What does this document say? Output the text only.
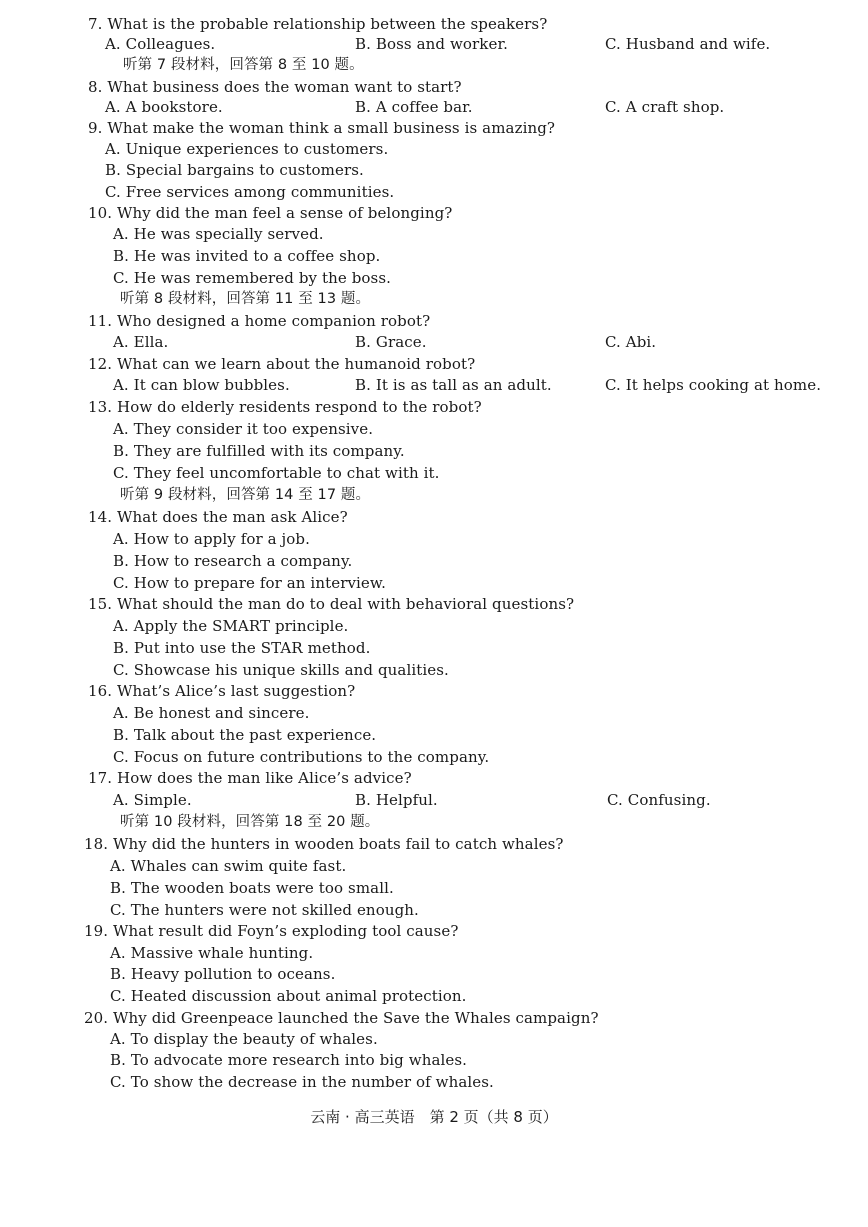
7. What is the probable relationship between the speakers?
A. Colleagues.	B. Boss and worker.	C. Husband and wife.
听第 7 段材料，回答第 8 至 10 题。
8. What business does the woman want to start?
A. A bookstore.	B. A coffee bar.	C. A craft shop.
9. What make the woman think a small business is amazing?
A. Unique experiences to customers.
B. Special bargains to customers.
C. Free services among communities.
10. Why did the man feel a sense of belonging?
A. He was specially served.
B. He was invited to a coffee shop.
C. He was remembered by the boss.
听第 8 段材料，回答第 11 至 13 题。
11. Who designed a home companion robot?
A. Ella.	B. Grace.	C. Abi.
12. What can we learn about the humanoid robot?
A. It can blow bubbles.	B. It is as tall as an adult.	C. It helps cooking at home.
13. How do elderly residents respond to the robot?
A. They consider it too expensive.
B. They are fulfilled with its company.
C. They feel uncomfortable to chat with it.
听第 9 段材料，回答第 14 至 17 题。
14. What does the man ask Alice?
A. How to apply for a job.
B. How to research a company.
C. How to prepare for an interview.
15. What should the man do to deal with behavioral questions?
A. Apply the SMART principle.
B. Put into use the STAR method.
C. Showcase his unique skills and qualities.
16. What’s Alice’s last suggestion?
A. Be honest and sincere.
B. Talk about the past experience.
C. Focus on future contributions to the company.
17. How does the man like Alice’s advice?
A. Simple.	B. Helpful.	C. Confusing.
听第 10 段材料，回答第 18 至 20 题。
18. Why did the hunters in wooden boats fail to catch whales?
A. Whales can swim quite fast.
B. The wooden boats were too small.
C. The hunters were not skilled enough.
19. What result did Foyn’s exploding tool cause?
A. Massive whale hunting.
B. Heavy pollution to oceans.
C. Heated discussion about animal protection.
20. Why did Greenpeace launched the Save the Whales campaign?
A. To display the beauty of whales.
B. To advocate more research into big whales.
C. To show the decrease in the number of whales.
云南 · 高三英语　第 2 页（共 8 页）
